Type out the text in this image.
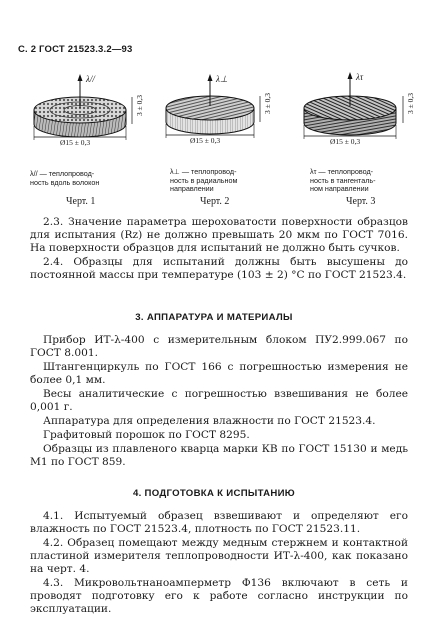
С. 2 ГОСТ 21523.3.2—93
λ//
Ø15 ± 0,3
3 ± 0,3
λ// — теплопровод-
ность вдоль волокон
Черт. 1
λ⊥
Ø15 ± 0,3
3 ± 0,3
λ⊥ — теплопровод-
ность в радиальном
направлении
Черт. 2
λτ
Ø15 ± 0,3
3 ± 0,3
λτ — теплопровод-
ность в тангенталь-
ном направлении
Черт. 3
2.3. Значение параметра шероховатости поверхности образцов для испытания (Rz) не должно превышать 20 мкм по ГОСТ 7016. На поверхности образцов для испытаний не должно быть сучков.
2.4. Образцы для испытаний должны быть высушены до постоянной массы при температуре (103 ± 2) °С по ГОСТ 21523.4.
3. АППАРАТУРА И МАТЕРИАЛЫ
Прибор ИТ-λ-400 с измерительным блоком ПУ2.999.067 по ГОСТ 8.001.
Штангенциркуль по ГОСТ 166 с погрешностью измерения не более 0,1 мм.
Весы аналитические с погрешностью взвешивания не более 0,001 г.
Аппаратура для определения влажности по ГОСТ 21523.4.
Графитовый порошок по ГОСТ 8295.
Образцы из плавленого кварца марки КВ по ГОСТ 15130 и медь М1 по ГОСТ 859.
4. ПОДГОТОВКА К ИСПЫТАНИЮ
4.1. Испытуемый образец взвешивают и определяют его влажность по ГОСТ 21523.4, плотность по ГОСТ 21523.11.
4.2. Образец помещают между медным стержнем и контактной пластиной измерителя теплопроводности ИТ-λ-400, как показано на черт. 4.
4.3. Микровольтнаноамперметр Ф136 включают в сеть и проводят подготовку его к работе согласно инструкции по эксплуатации.
